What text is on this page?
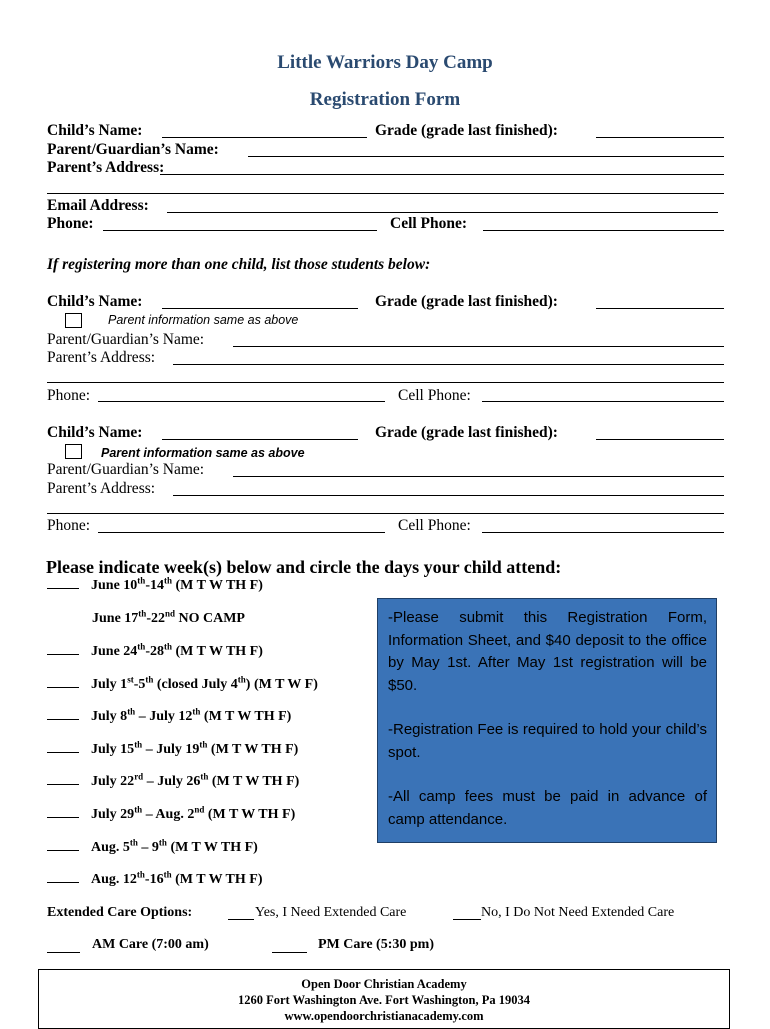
Little Warriors Day Camp
Registration Form
Child’s Name:	Grade (grade last finished):
Parent/Guardian’s Name:
Parent’s Address:
Email Address:
Phone:	Cell Phone:
If registering more than one child, list those students below:
Child’s Name:	Grade (grade last finished):
Parent information same as above
Parent/Guardian’s Name:
Parent’s Address:
Phone:	Cell Phone:
Child’s Name:	Grade (grade last finished):
Parent information same as above
Parent/Guardian’s Name:
Parent’s Address:
Phone:	Cell Phone:
Please indicate week(s) below and circle the days your child attend:
June 10th-14th (M T W TH F)
June 17th-22nd NO CAMP
June 24th-28th (M T W TH F)
July 1st-5th (closed July 4th) (M T W F)
July 8th – July 12th (M T W TH F)
July 15th – July 19th (M T W TH F)
July 22rd – July 26th (M T W TH F)
July 29th – Aug. 2nd (M T W TH F)
Aug. 5th – 9th (M T W TH F)
Aug. 12th-16th (M T W TH F)

-Please submit this Registration Form, Information Sheet, and $40 deposit to the office by May 1st. After May 1st registration will be $50.

-Registration Fee is required to hold your child’s spot.

-All camp fees must be paid in advance of camp attendance.

Extended Care Options:	Yes, I Need Extended Care	No, I Do Not Need Extended Care
AM Care (7:00 am)	PM Care (5:30 pm)
Open Door Christian Academy
1260 Fort Washington Ave. Fort Washington, Pa 19034
www.opendoorchristianacademy.com
